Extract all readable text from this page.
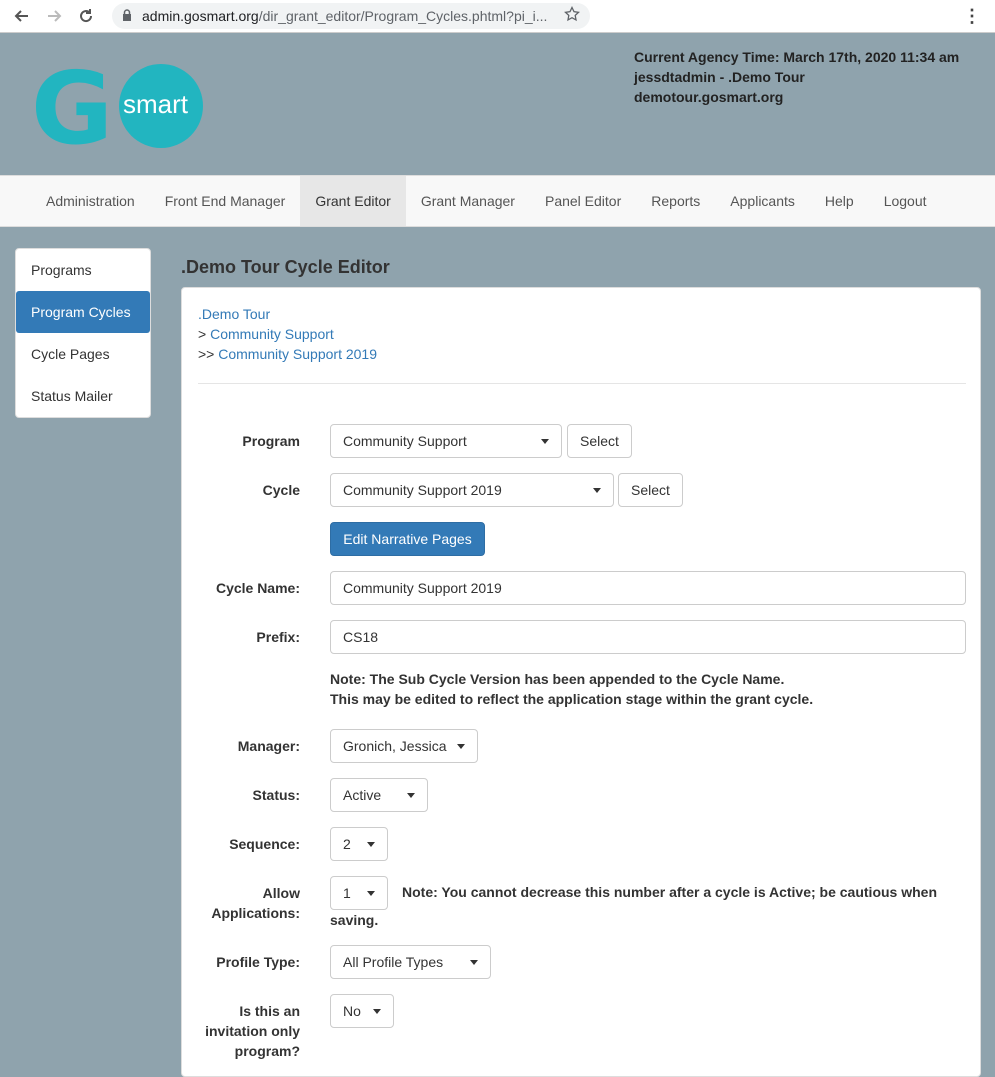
admin.gosmart.org /dir_grant_editor/Program_Cycles.phtml?pi_i...	⋮
G smart
Current Agency Time: March 17th, 2020 11:34 am
jessdtadmin - .Demo Tour
demotour.gosmart.org
Administration	Front End Manager	Grant Editor	Grant Manager	Panel Editor	Reports	Applicants	Help	Logout
Programs
Program Cycles
Cycle Pages
Status Mailer
.Demo Tour Cycle Editor
.Demo Tour
> Community Support
>> Community Support 2019
Program	Community Support	Select
Cycle	Community Support 2019	Select
Edit Narrative Pages
Cycle Name:	Community Support 2019
Prefix:	CS18
Note: The Sub Cycle Version has been appended to the Cycle Name.
This may be edited to reflect the application stage within the grant cycle.
Manager:	Gronich, Jessica
Status:	Active
Sequence:	2
Allow
Applications:
1	Note: You cannot decrease this number after a cycle is Active; be cautious when
saving.
Profile Type:	All Profile Types
Is this an
invitation only
program?
No
